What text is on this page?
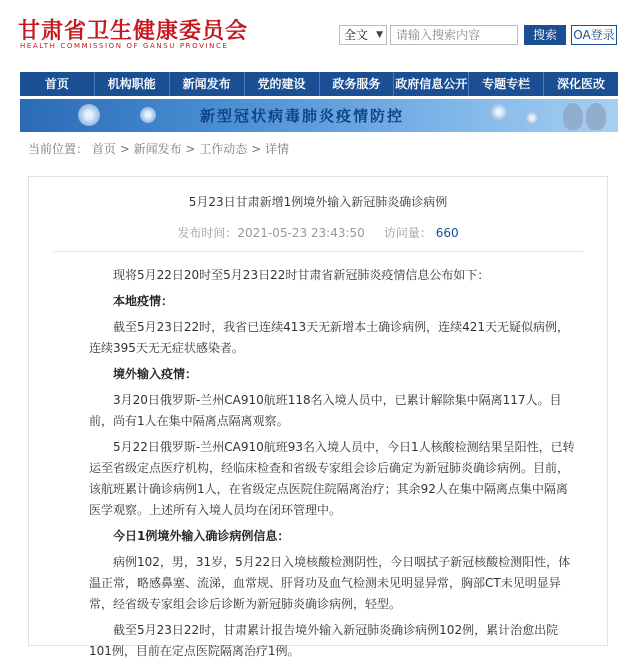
甘肃省卫生健康委员会
HEALTH COMMISSION OF GANSU PROVINCE
全文 ▼
请输入搜索内容	搜索	OA登录
首页	机构职能	新闻发布	党的建设	政务服务	政府信息公开	专题专栏	深化医改
新型冠状病毒肺炎疫情防控
当前位置： 首页 > 新闻发布 > 工作动态 > 详情
5月23日甘肃新增1例境外输入新冠肺炎确诊病例
发布时间：2021-05-23 23:43:50 访问量： 660

现将5月22日20时至5月23日22时甘肃省新冠肺炎疫情信息公布如下：

本地疫情：

截至5月23日22时，我省已连续413天无新增本土确诊病例，连续421天无疑似病例，连续395天无无症状感染者。

境外输入疫情：

3月20日俄罗斯-兰州CA910航班118名入境人员中，已累计解除集中隔离117人。目前，尚有1人在集中隔离点隔离观察。

5月22日俄罗斯-兰州CA910航班93名入境人员中，今日1人核酸检测结果呈阳性，已转运至省级定点医疗机构，经临床检查和省级专家组会诊后确定为新冠肺炎确诊病例。目前，该航班累计确诊病例1人，在省级定点医院住院隔离治疗；其余92人在集中隔离点集中隔离医学观察。上述所有入境人员均在闭环管理中。

今日1例境外输入确诊病例信息：

病例102，男，31岁，5月22日入境核酸检测阴性，今日咽拭子新冠核酸检测阳性，体温正常，略感鼻塞、流涕，血常规、肝肾功及血气检测未见明显异常，胸部CT未见明显异常，经省级专家组会诊后诊断为新冠肺炎确诊病例，轻型。

截至5月23日22时，甘肃累计报告境外输入新冠肺炎确诊病例102例，累计治愈出院101例，目前在定点医院隔离治疗1例。
